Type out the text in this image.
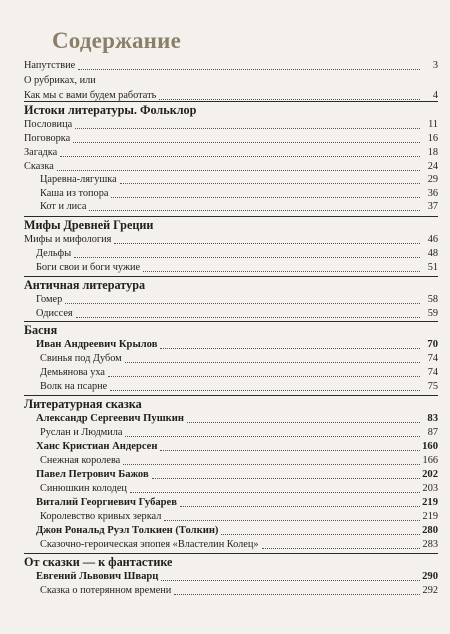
Содержание
Напутствие	3
О рубриках, или
Как мы с вами будем работать	4
Истоки литературы. Фольклор
Пословица	11
Поговорка	16
Загадка	18
Сказка	24
Царевна-лягушка	29
Каша из топора	36
Кот и лиса	37
Мифы Древней Греции
Мифы и мифология	46
Дельфы	48
Боги свои и боги чужие	51
Античная литература
Гомер	58
Одиссея	59
Басня
Иван Андреевич Крылов	70
Свинья под Дубом	74
Демьянова уха	74
Волк на псарне	75
Литературная сказка
Александр Сергеевич Пушкин	83
Руслан и Людмила	87
Ханс Кристиан Андерсен	160
Снежная королева	166
Павел Петрович Бажов	202
Синюшкин колодец	203
Виталий Георгиевич Губарев	219
Королевство кривых зеркал	219
Джон Рональд Руэл Толкиен (Толкин)	280
Сказочно-героическая эпопея «Властелин Колец»	283
От сказки — к фантастике
Евгений Львович Шварц	290
Сказка о потерянном времени	292
